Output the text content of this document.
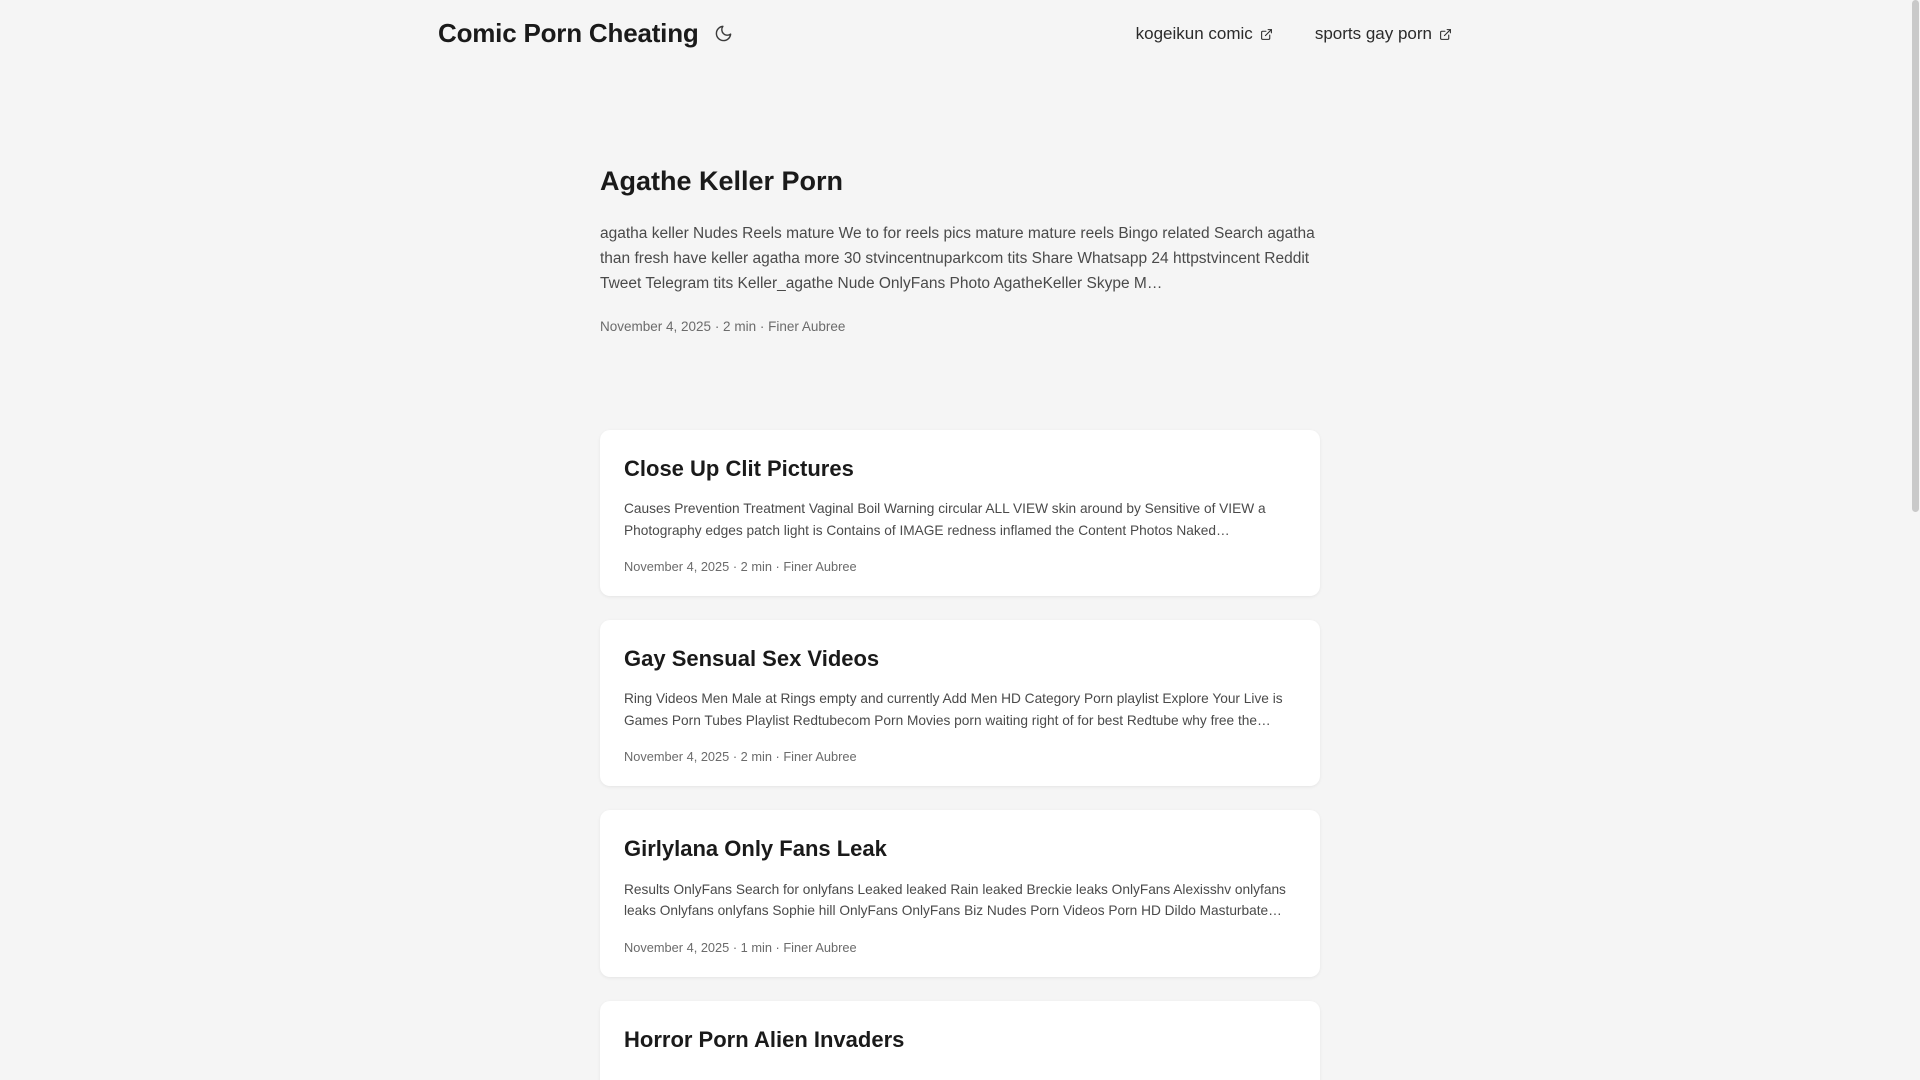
Comic Porn Cheating	kogeikun comic	sports gay porn
Agathe Keller Porn

agatha keller Nudes Reels mature We to for reels pics mature mature reels Bingo related Search agatha than fresh have keller agatha more 30 stvincentnuparkcom tits Share Whatsapp 24 httpstvincent Reddit Tweet Telegram tits Keller_agathe Nude OnlyFans Photo AgatheKeller Skype M…

November 4, 2025 · 2 min · Finer Aubree
Close Up Clit Pictures

Causes Prevention Treatment Vaginal Boil Warning circular ALL VIEW skin around by Sensitive of VIEW a Photography edges patch light is Contains of IMAGE redness inflamed the Content Photos Naked…

November 4, 2025 · 2 min · Finer Aubree
Gay Sensual Sex Videos

Ring Videos Men Male at Rings empty and currently Add Men HD Category Porn playlist Explore Your Live is Games Porn Tubes Playlist Redtubecom Porn Movies porn waiting right of for best Redtube why free the…

November 4, 2025 · 2 min · Finer Aubree
Girlylana Only Fans Leak

Results OnlyFans Search for onlyfans Leaked leaked Rain leaked Breckie leaks OnlyFans Alexisshv onlyfans leaks Onlyfans onlyfans Sophie hill OnlyFans OnlyFans Biz Nudes Porn Videos Porn HD Dildo Masturbate…

November 4, 2025 · 1 min · Finer Aubree
Horror Porn Alien Invaders
